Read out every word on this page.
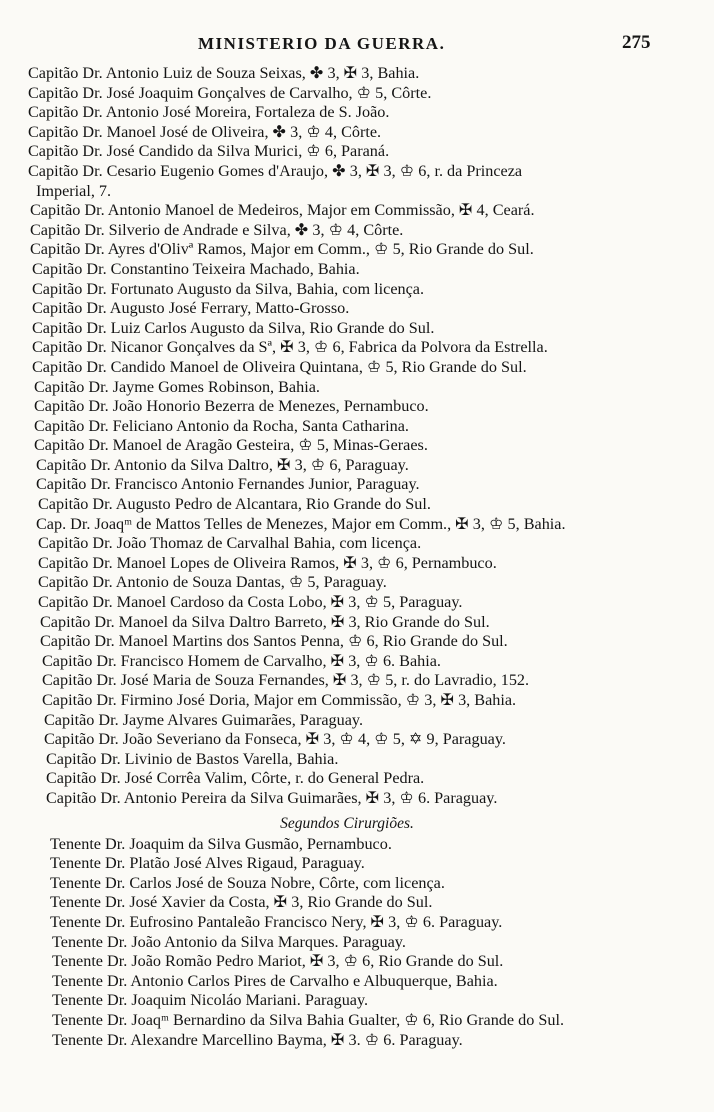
MINISTERIO DA GUERRA.	275
Capitão Dr. Antonio Luiz de Souza Seixas, ✤ 3, ✠ 3, Bahia.
Capitão Dr. José Joaquim Gonçalves de Carvalho, ♔ 5, Côrte.
Capitão Dr. Antonio José Moreira, Fortaleza de S. João.
Capitão Dr. Manoel José de Oliveira, ✤ 3, ♔ 4, Côrte.
Capitão Dr. José Candido da Silva Murici, ♔ 6, Paraná.
Capitão Dr. Cesario Eugenio Gomes d'Araujo, ✤ 3, ✠ 3, ♔ 6, r. da Princeza
Imperial, 7.
Capitão Dr. Antonio Manoel de Medeiros, Major em Commissão, ✠ 4, Ceará.
Capitão Dr. Silverio de Andrade e Silva, ✤ 3, ♔ 4, Côrte.
Capitão Dr. Ayres d'Olivª Ramos, Major em Comm., ♔ 5, Rio Grande do Sul.
Capitão Dr. Constantino Teixeira Machado, Bahia.
Capitão Dr. Fortunato Augusto da Silva, Bahia, com licença.
Capitão Dr. Augusto José Ferrary, Matto-Grosso.
Capitão Dr. Luiz Carlos Augusto da Silva, Rio Grande do Sul.
Capitão Dr. Nicanor Gonçalves da Sª, ✠ 3, ♔ 6, Fabrica da Polvora da Estrella.
Capitão Dr. Candido Manoel de Oliveira Quintana, ♔ 5, Rio Grande do Sul.
Capitão Dr. Jayme Gomes Robinson, Bahia.
Capitão Dr. João Honorio Bezerra de Menezes, Pernambuco.
Capitão Dr. Feliciano Antonio da Rocha, Santa Catharina.
Capitão Dr. Manoel de Aragão Gesteira, ♔ 5, Minas-Geraes.
Capitão Dr. Antonio da Silva Daltro, ✠ 3, ♔ 6, Paraguay.
Capitão Dr. Francisco Antonio Fernandes Junior, Paraguay.
Capitão Dr. Augusto Pedro de Alcantara, Rio Grande do Sul.
Cap. Dr. Joaqᵐ de Mattos Telles de Menezes, Major em Comm., ✠ 3, ♔ 5, Bahia.
Capitão Dr. João Thomaz de Carvalhal Bahia, com licença.
Capitão Dr. Manoel Lopes de Oliveira Ramos, ✠ 3, ♔ 6, Pernambuco.
Capitão Dr. Antonio de Souza Dantas, ♔ 5, Paraguay.
Capitão Dr. Manoel Cardoso da Costa Lobo, ✠ 3, ♔ 5, Paraguay.
Capitão Dr. Manoel da Silva Daltro Barreto, ✠ 3, Rio Grande do Sul.
Capitão Dr. Manoel Martins dos Santos Penna, ♔ 6, Rio Grande do Sul.
Capitão Dr. Francisco Homem de Carvalho, ✠ 3, ♔ 6. Bahia.
Capitão Dr. José Maria de Souza Fernandes, ✠ 3, ♔ 5, r. do Lavradio, 152.
Capitão Dr. Firmino José Doria, Major em Commissão, ♔ 3, ✠ 3, Bahia.
Capitão Dr. Jayme Alvares Guimarães, Paraguay.
Capitão Dr. João Severiano da Fonseca, ✠ 3, ♔ 4, ♔ 5, ✡ 9, Paraguay.
Capitão Dr. Livinio de Bastos Varella, Bahia.
Capitão Dr. José Corrêa Valim, Côrte, r. do General Pedra.
Capitão Dr. Antonio Pereira da Silva Guimarães, ✠ 3, ♔ 6. Paraguay.
Segundos Cirurgiões.
Tenente Dr. Joaquim da Silva Gusmão, Pernambuco.
Tenente Dr. Platão José Alves Rigaud, Paraguay.
Tenente Dr. Carlos José de Souza Nobre, Côrte, com licença.
Tenente Dr. José Xavier da Costa, ✠ 3, Rio Grande do Sul.
Tenente Dr. Eufrosino Pantaleão Francisco Nery, ✠ 3, ♔ 6. Paraguay.
Tenente Dr. João Antonio da Silva Marques. Paraguay.
Tenente Dr. João Romão Pedro Mariot, ✠ 3, ♔ 6, Rio Grande do Sul.
Tenente Dr. Antonio Carlos Pires de Carvalho e Albuquerque, Bahia.
Tenente Dr. Joaquim Nicoláo Mariani. Paraguay.
Tenente Dr. Joaqᵐ Bernardino da Silva Bahia Gualter, ♔ 6, Rio Grande do Sul.
Tenente Dr. Alexandre Marcellino Bayma, ✠ 3. ♔ 6. Paraguay.
